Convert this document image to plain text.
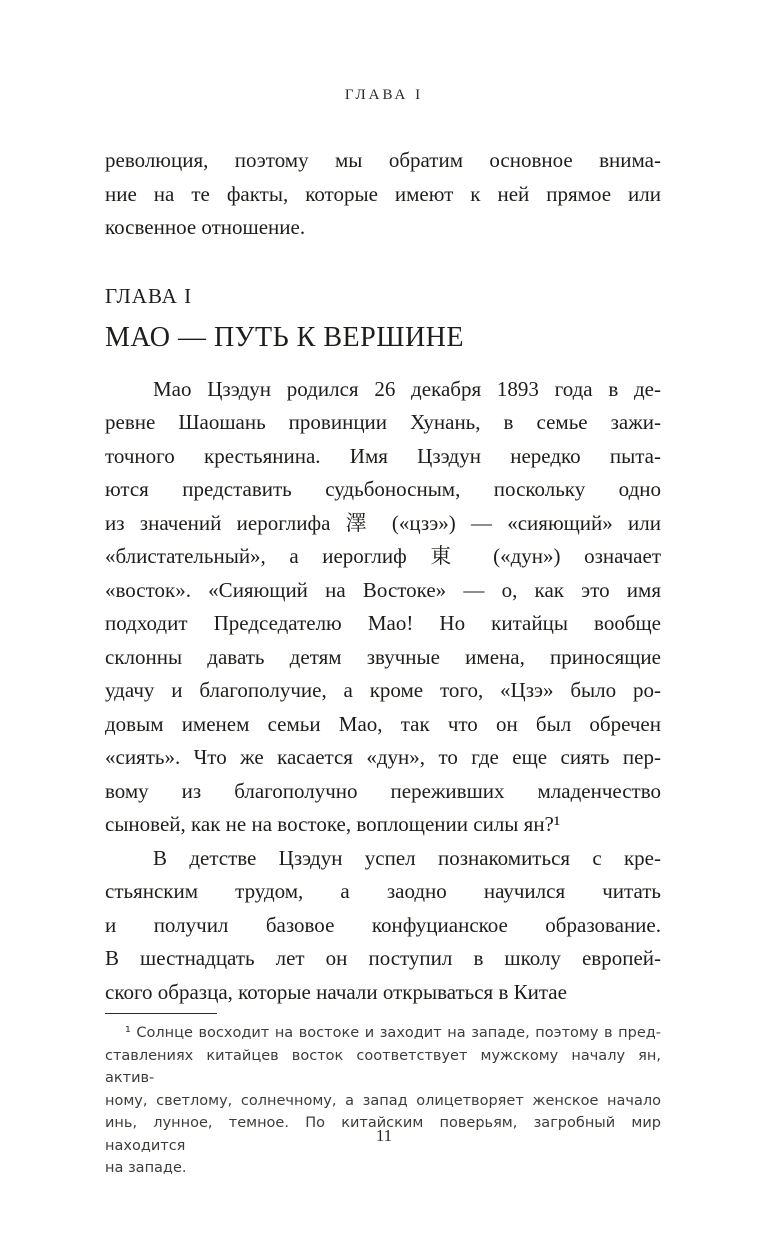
ГЛАВА I
революция, поэтому мы обратим основное внима-
ние на те факты, которые имеют к ней прямое или
косвенное отношение.
ГЛАВА I
МАО — ПУТЬ К ВЕРШИНЕ
Мао Цзэдун родился 26 декабря 1893 года в де-
ревне Шаошань провинции Хунань, в семье зажи-
точного крестьянина. Имя Цзэдун нередко пыта-
ются представить судьбоносным, поскольку одно
из значений иероглифа 澤 («цзэ») — «сияющий» или
«блистательный», а иероглиф 東 («дун») означает
«восток». «Сияющий на Востоке» — о, как это имя
подходит Председателю Мао! Но китайцы вообще
склонны давать детям звучные имена, приносящие
удачу и благополучие, а кроме того, «Цзэ» было ро-
довым именем семьи Мао, так что он был обречен
«сиять». Что же касается «дун», то где еще сиять пер-
вому из благополучно переживших младенчество
сыновей, как не на востоке, воплощении силы ян?¹
В детстве Цзэдун успел познакомиться с кре-
стьянским трудом, а заодно научился читать
и получил базовое конфуцианское образование.
В шестнадцать лет он поступил в школу европей-
ского образца, которые начали открываться в Китае
¹ Солнце восходит на востоке и заходит на западе, поэтому в пред-
ставлениях китайцев восток соответствует мужскому началу ян, актив-
ному, светлому, солнечному, а запад олицетворяет женское начало
инь, лунное, темное. По китайским поверьям, загробный мир находится
на западе.
11
